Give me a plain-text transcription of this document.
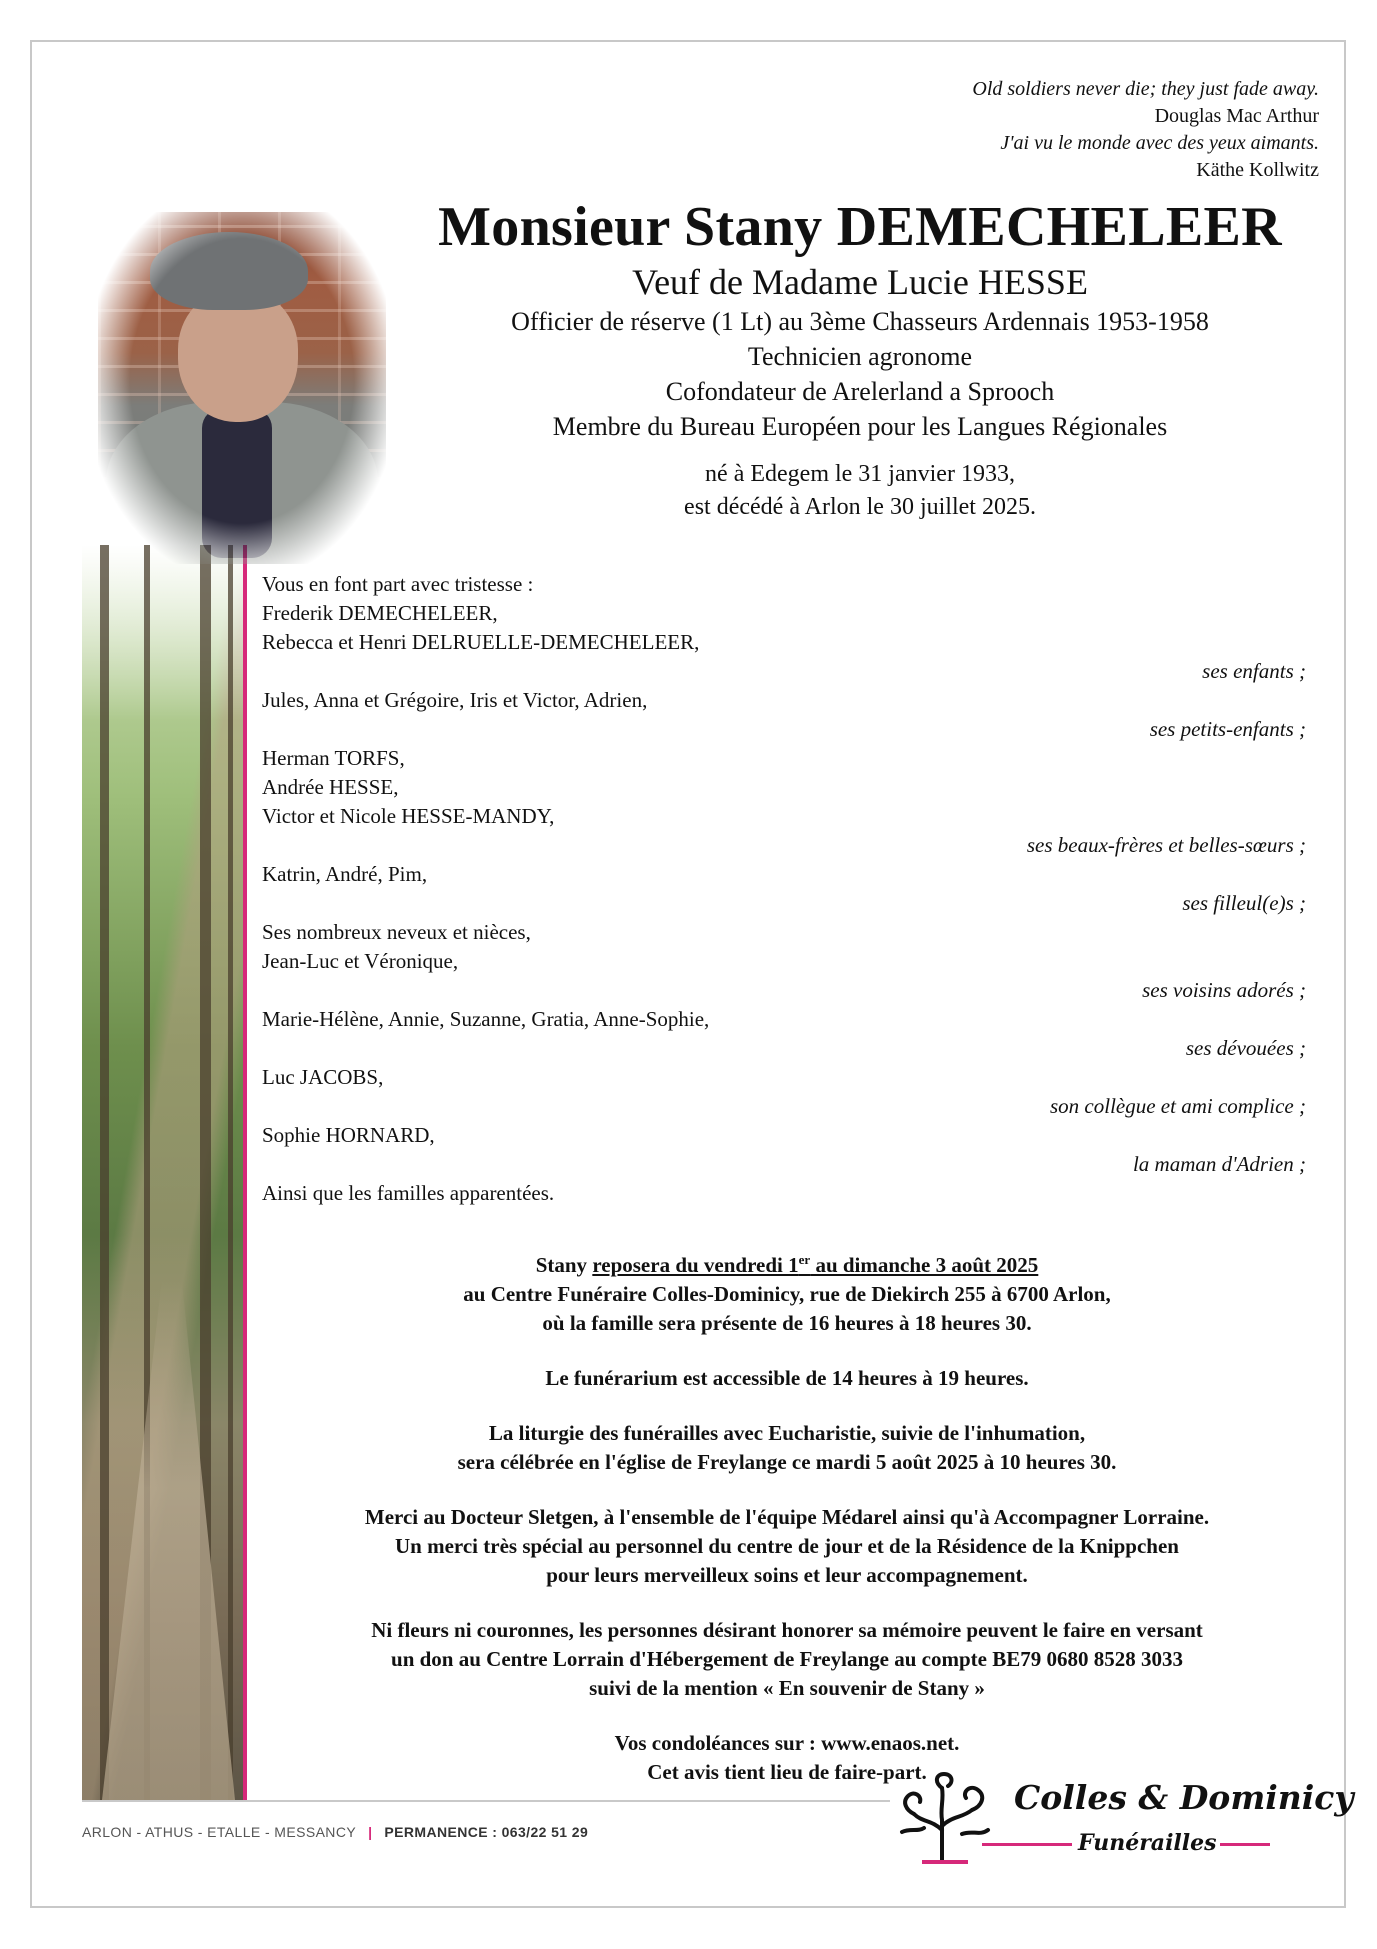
Old soldiers never die; they just fade away.
Douglas Mac Arthur
J'ai vu le monde avec des yeux aimants.
Käthe Kollwitz
Monsieur Stany DEMECHELEER
Veuf de Madame Lucie HESSE
Officier de réserve (1 Lt) au 3ème Chasseurs Ardennais 1953-1958
Technicien agronome
Cofondateur de Arelerland a Sprooch
Membre du Bureau Européen pour les Langues Régionales
né à Edegem le 31 janvier 1933,
est décédé à Arlon le 30 juillet 2025.
Vous en font part avec tristesse :
Frederik DEMECHELEER,
Rebecca et Henri DELRUELLE-DEMECHELEER,
ses enfants ;
Jules, Anna et Grégoire, Iris et Victor, Adrien,
ses petits-enfants ;
Herman TORFS,
Andrée HESSE,
Victor et Nicole HESSE-MANDY,
ses beaux-frères et belles-sœurs ;
Katrin, André, Pim,
ses filleul(e)s ;
Ses nombreux neveux et nièces,
Jean-Luc et Véronique,
ses voisins adorés ;
Marie-Hélène, Annie, Suzanne, Gratia, Anne-Sophie,
ses dévouées ;
Luc JACOBS,
son collègue et ami complice ;
Sophie HORNARD,
la maman d'Adrien ;
Ainsi que les familles apparentées.
Stany reposera du vendredi 1er au dimanche 3 août 2025
au Centre Funéraire Colles-Dominicy, rue de Diekirch 255 à 6700 Arlon,
où la famille sera présente de 16 heures à 18 heures 30.
Le funérarium est accessible de 14 heures à 19 heures.
La liturgie des funérailles avec Eucharistie, suivie de l'inhumation,
sera célébrée en l'église de Freylange ce mardi 5 août 2025 à 10 heures 30.
Merci au Docteur Sletgen, à l'ensemble de l'équipe Médarel ainsi qu'à Accompagner Lorraine.
Un merci très spécial au personnel du centre de jour et de la Résidence de la Knippchen
pour leurs merveilleux soins et leur accompagnement.
Ni fleurs ni couronnes, les personnes désirant honorer sa mémoire peuvent le faire en versant
un don au Centre Lorrain d'Hébergement de Freylange au compte BE79 0680 8528 3033
suivi de la mention « En souvenir de Stany »
Vos condoléances sur : www.enaos.net.
Cet avis tient lieu de faire-part.
ARLON - ATHUS - ETALLE - MESSANCY | PERMANENCE : 063/22 51 29
Colles & Dominicy
Funérailles
